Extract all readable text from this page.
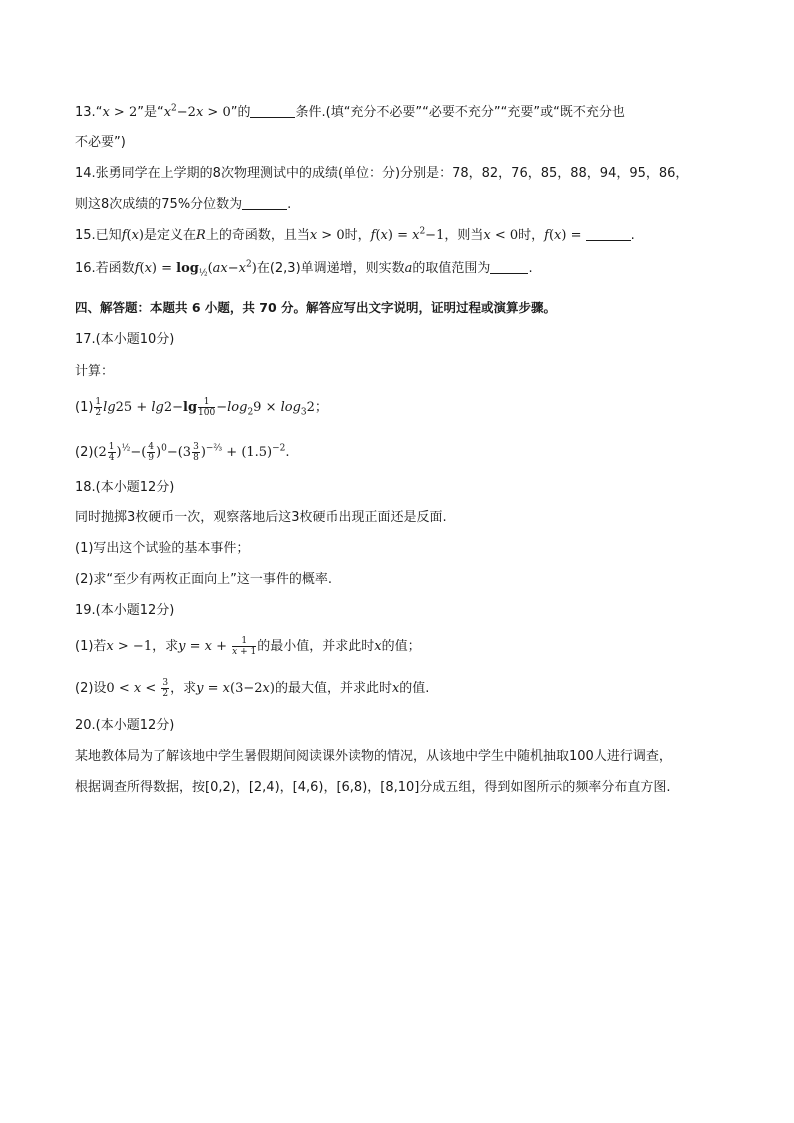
13.“x > 2”是“$x^2-2x > 0$”的	条件.(填“充分不必要”“必要不充分”“充要”或“既不充分也
不必要”)
14.张勇同学在上学期的8次物理测试中的成绩(单位：分)分别是：78，82，76，85，88，94，95，86，
则这8次成绩的75%分位数为	.
15.已知f(x)是定义在R上的奇函数，且当x > 0时，$f(x) = x^2-1$，则当x < 0时，f(x) =	.
16.若函数$f(x) = \log_{\frac{1}{2}}(ax-x^2)$在(2,3)单调递增，则实数a的取值范围为	.
四、解答题：本题共 6 小题，共 70 分。解答应写出文字说明，证明过程或演算步骤。
17.(本小题10分)
计算：
$(1) \frac{1}{2} \lg 25 + \lg 2-\lg \frac{1}{100} -\log_29 \times \log_32$；
$(2)(2 \frac{1}{4} )^{\frac{1}{2}}-( \frac{4}{9} )^0-(3 \frac{3}{8} )^{-\frac{2}{3}} + (1.5)^{-2}$.
18.(本小题12分)
同时抛掷3枚硬币一次，观察落地后这3枚硬币出现正面还是反面.
(1)写出这个试验的基本事件；
(2)求“至少有两枚正面向上”这一事件的概率.
19.(本小题12分)
(1)若x > −1，求$y = x + \frac{1}{x + 1}$ 的最小值，并求此时x的值；
(2)设$0 < x < \frac{3}{2}$ ，求y = x(3−2x)的最大值，并求此时x的值.
20.(本小题12分)
某地教体局为了解该地中学生暑假期间阅读课外读物的情况，从该地中学生中随机抽取100人进行调查，
根据调查所得数据，按[0,2)，[2,4)，[4,6)，[6,8)，[8,10]分成五组，得到如图所示的频率分布直方图.
